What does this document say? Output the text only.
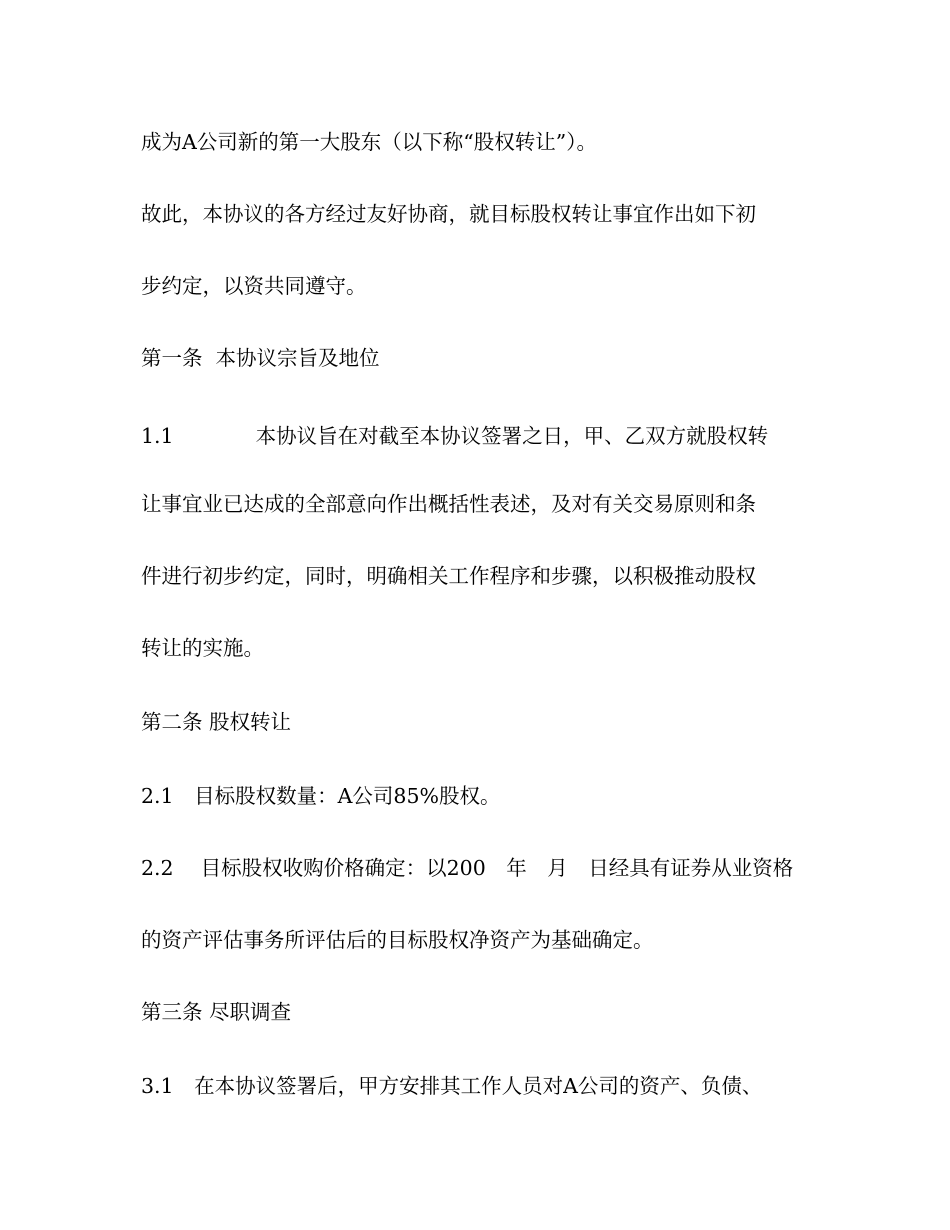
成为A公司新的第一大股东（以下称“股权转让”）。
故此，本协议的各方经过友好协商，就目标股权转让事宜作出如下初
步约定，以资共同遵守。
第一条  本协议宗旨及地位
1.1　　　　本协议旨在对截至本协议签署之日，甲、乙双方就股权转
让事宜业已达成的全部意向作出概括性表述，及对有关交易原则和条
件进行初步约定，同时，明确相关工作程序和步骤，以积极推动股权
转让的实施。
第二条 股权转让
2.1　目标股权数量：A公司85%股权。
2.2　 目标股权收购价格确定：以200　年　月　日经具有证券从业资格
的资产评估事务所评估后的目标股权净资产为基础确定。
第三条 尽职调查
3.1　在本协议签署后，甲方安排其工作人员对A公司的资产、负债、
